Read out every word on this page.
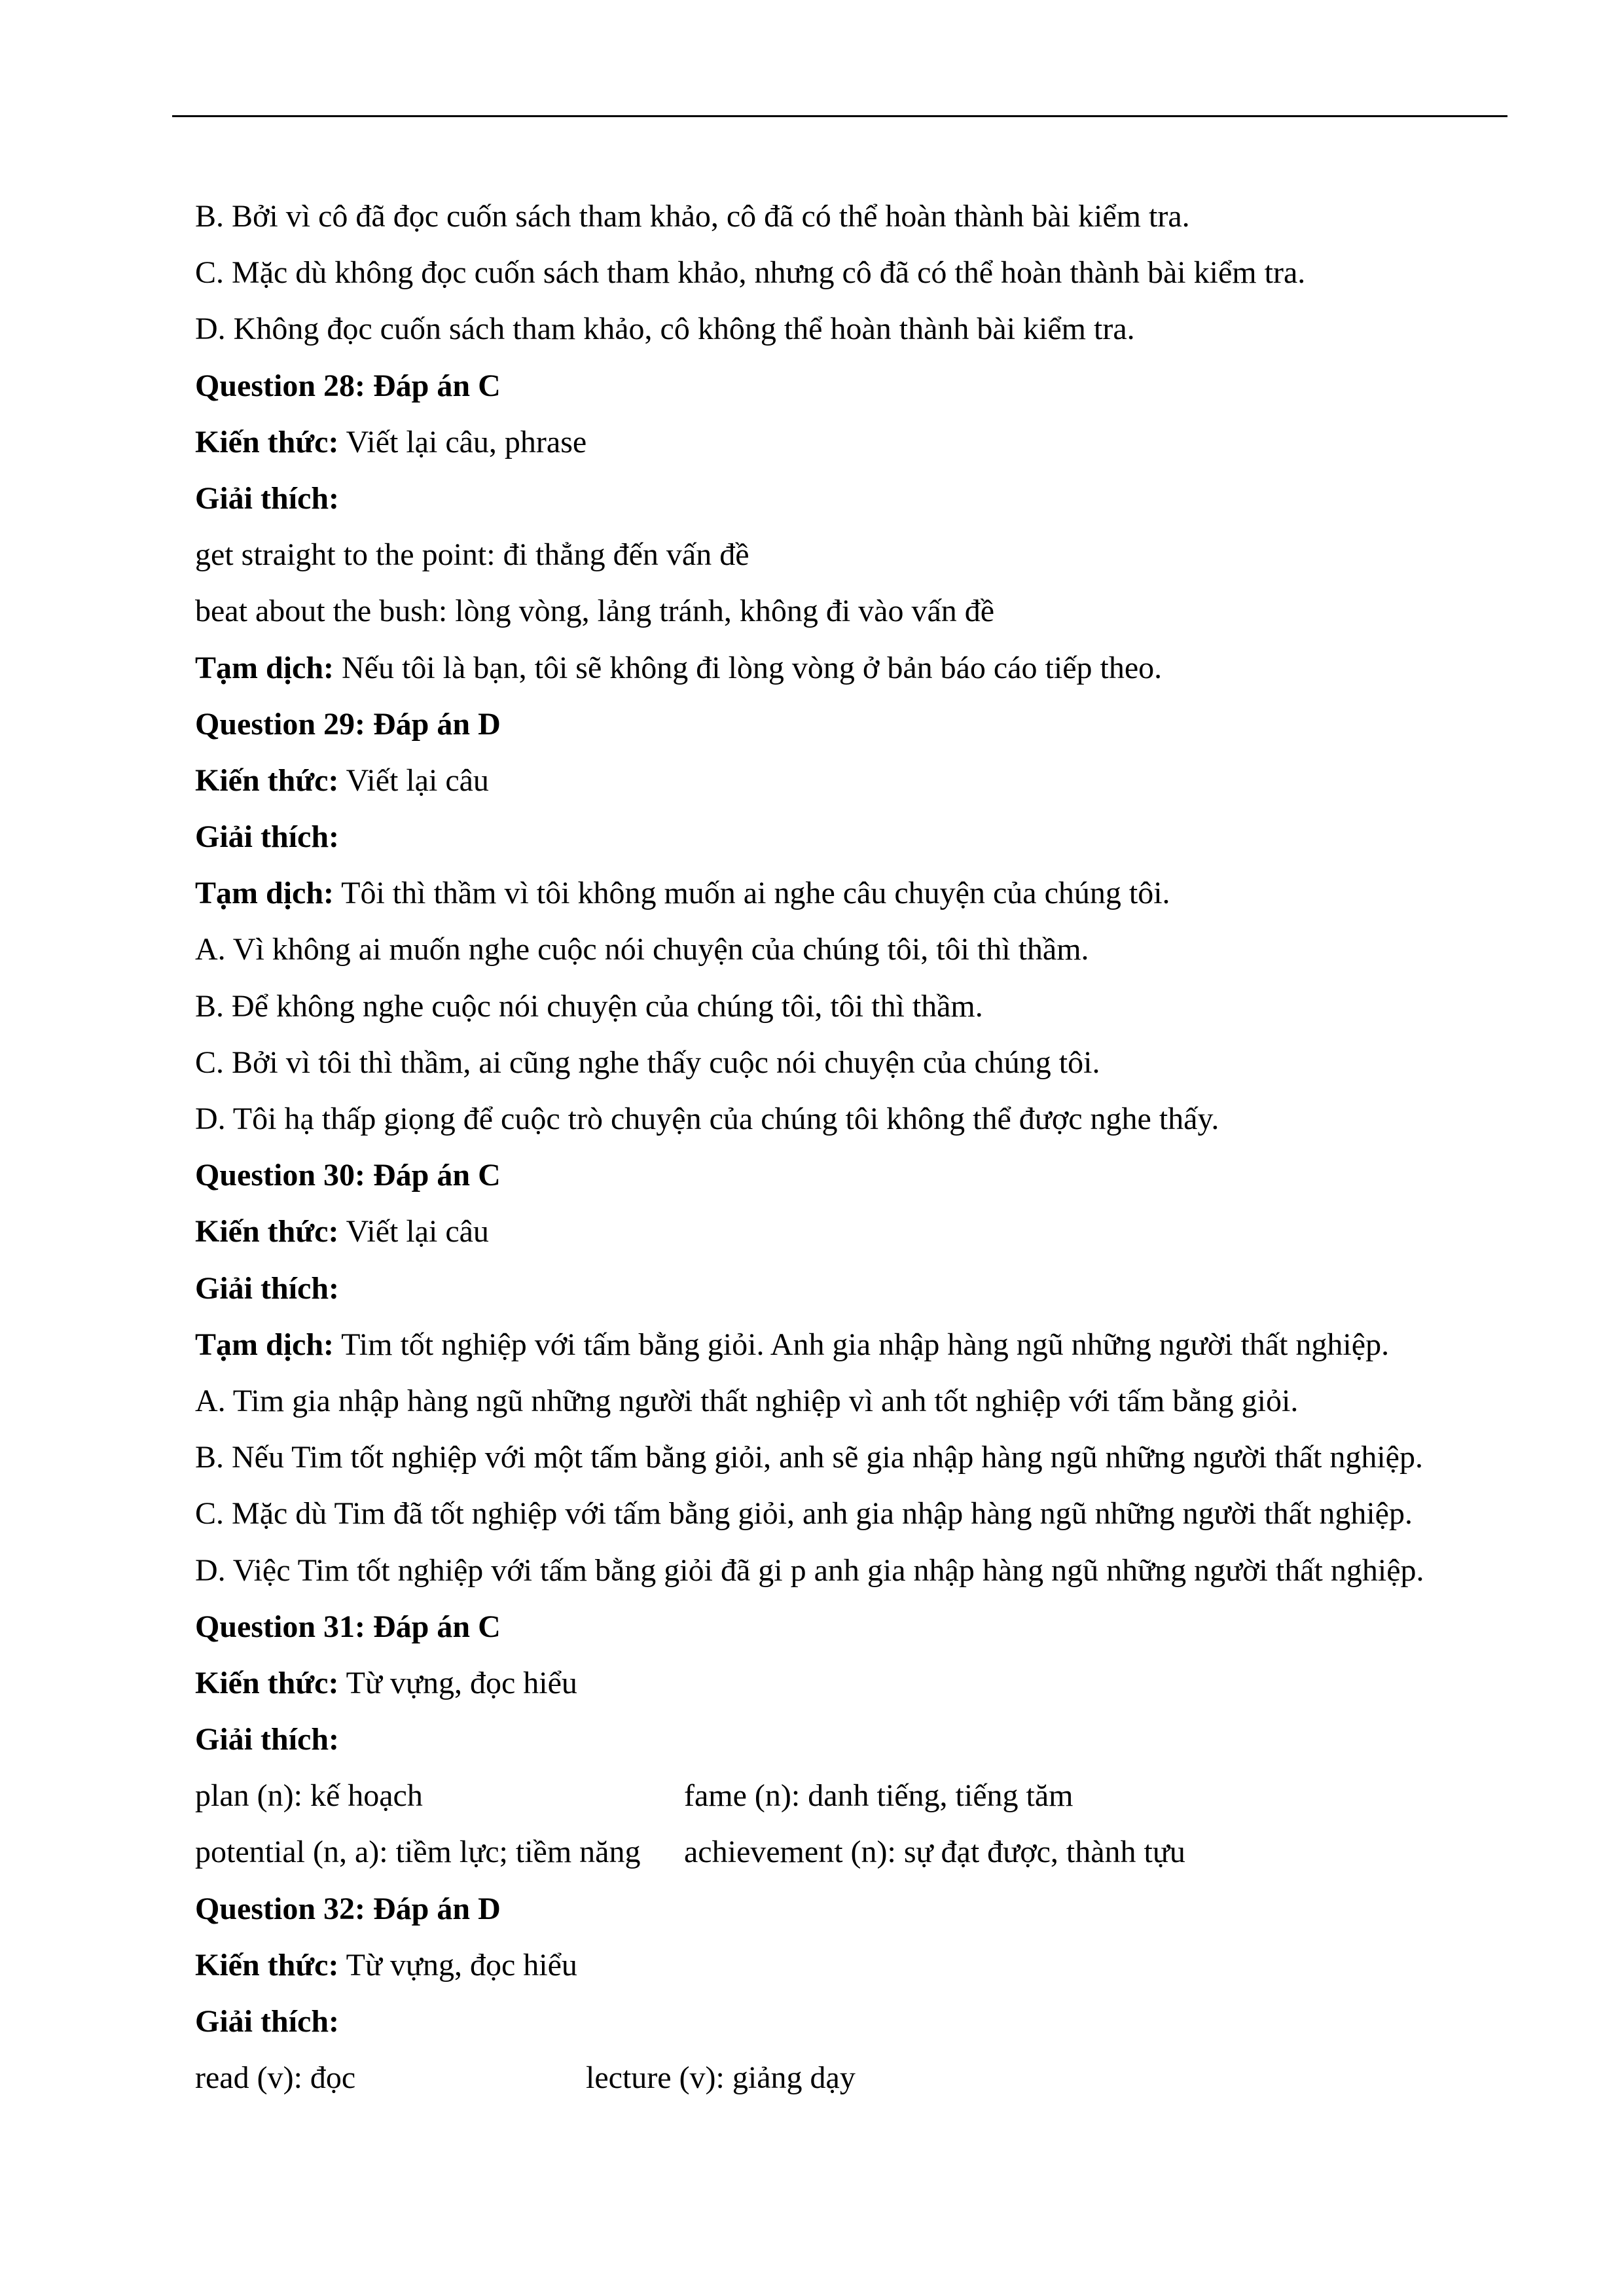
B. Bởi vì cô đã đọc cuốn sách tham khảo, cô đã có thể hoàn thành bài kiểm tra.
C. Mặc dù không đọc cuốn sách tham khảo, nhưng cô đã có thể hoàn thành bài kiểm tra.
D. Không đọc cuốn sách tham khảo, cô không thể hoàn thành bài kiểm tra.
Question 28: Đáp án C
Kiến thức: Viết lại câu, phrase
Giải thích:
get straight to the point: đi thẳng đến vấn đề
beat about the bush: lòng vòng, lảng tránh, không đi vào vấn đề
Tạm dịch: Nếu tôi là bạn, tôi sẽ không đi lòng vòng ở bản báo cáo tiếp theo.
Question 29: Đáp án D
Kiến thức: Viết lại câu
Giải thích:
Tạm dịch: Tôi thì thầm vì tôi không muốn ai nghe câu chuyện của chúng tôi.
A. Vì không ai muốn nghe cuộc nói chuyện của chúng tôi, tôi thì thầm.
B. Để không nghe cuộc nói chuyện của chúng tôi, tôi thì thầm.
C. Bởi vì tôi thì thầm, ai cũng nghe thấy cuộc nói chuyện của chúng tôi.
D. Tôi hạ thấp giọng để cuộc trò chuyện của chúng tôi không thể được nghe thấy.
Question 30: Đáp án C
Kiến thức: Viết lại câu
Giải thích:
Tạm dịch: Tim tốt nghiệp với tấm bằng giỏi. Anh gia nhập hàng ngũ những người thất nghiệp.
A. Tim gia nhập hàng ngũ những người thất nghiệp vì anh tốt nghiệp với tấm bằng giỏi.
B. Nếu Tim tốt nghiệp với một tấm bằng giỏi, anh sẽ gia nhập hàng ngũ những người thất nghiệp.
C. Mặc dù Tim đã tốt nghiệp với tấm bằng giỏi, anh gia nhập hàng ngũ những người thất nghiệp.
D. Việc Tim tốt nghiệp với tấm bằng giỏi đã gi p anh gia nhập hàng ngũ những người thất nghiệp.
Question 31: Đáp án C
Kiến thức: Từ vựng, đọc hiểu
Giải thích:
plan (n): kế hoạch	fame (n): danh tiếng, tiếng tăm
potential (n, a): tiềm lực; tiềm năng	achievement (n): sự đạt được, thành tựu
Question 32: Đáp án D
Kiến thức: Từ vựng, đọc hiểu
Giải thích:
read (v): đọc	lecture (v): giảng dạy
